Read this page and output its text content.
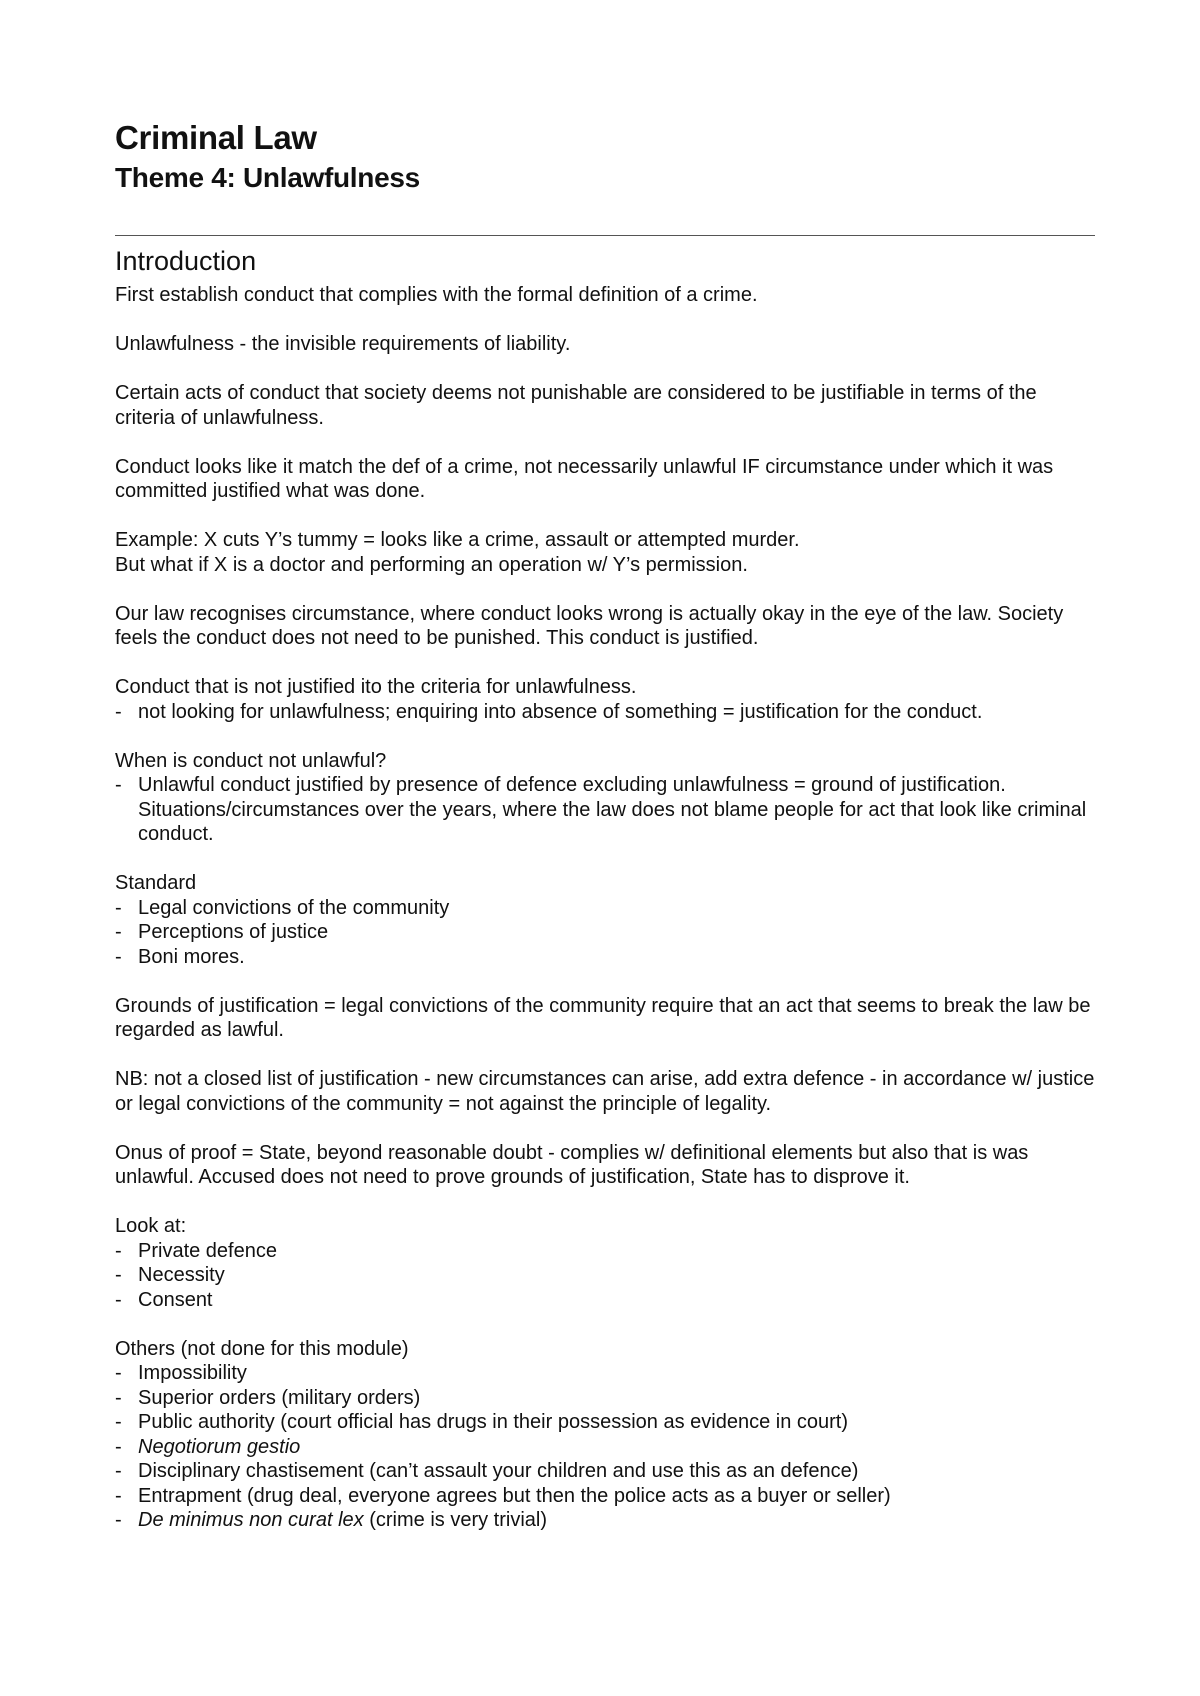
Criminal Law
Theme 4: Unlawfulness
Introduction

First establish conduct that complies with the formal definition of a crime.

Unlawfulness - the invisible requirements of liability.

Certain acts of conduct that society deems not punishable are considered to be justifiable in terms of the criteria of unlawfulness.

Conduct looks like it match the def of a crime, not necessarily unlawful IF circumstance under which it was committed justified what was done.

Example: X cuts Y’s tummy = looks like a crime, assault or attempted murder.
But what if X is a doctor and performing an operation w/ Y’s permission.

Our law recognises circumstance, where conduct looks wrong is actually okay in the eye of the law. Society feels the conduct does not need to be punished. This conduct is justified.

Conduct that is not justified ito the criteria for unlawfulness.
- not looking for unlawfulness; enquiring into absence of something = justification for the conduct.
When is conduct not unlawful?
- Unlawful conduct justified by presence of defence excluding unlawfulness = ground of justification. Situations/circumstances over the years, where the law does not blame people for act that look like criminal conduct.
Standard
- Legal convictions of the community
- Perceptions of justice
- Boni mores.

Grounds of justification = legal convictions of the community require that an act that seems to break the law be regarded as lawful.

NB: not a closed list of justification - new circumstances can arise, add extra defence - in accordance w/ justice or legal convictions of the community = not against the principle of legality.

Onus of proof = State, beyond reasonable doubt - complies w/ definitional elements but also that is was unlawful. Accused does not need to prove grounds of justification, State has to disprove it.

Look at:
- Private defence
- Necessity
- Consent
Others (not done for this module)
- Impossibility
- Superior orders (military orders)
- Public authority (court official has drugs in their possession as evidence in court)
- Negotiorum gestio
- Disciplinary chastisement (can’t assault your children and use this as an defence)
- Entrapment (drug deal, everyone agrees but then the police acts as a buyer or seller)
- De minimus non curat lex (crime is very trivial)
